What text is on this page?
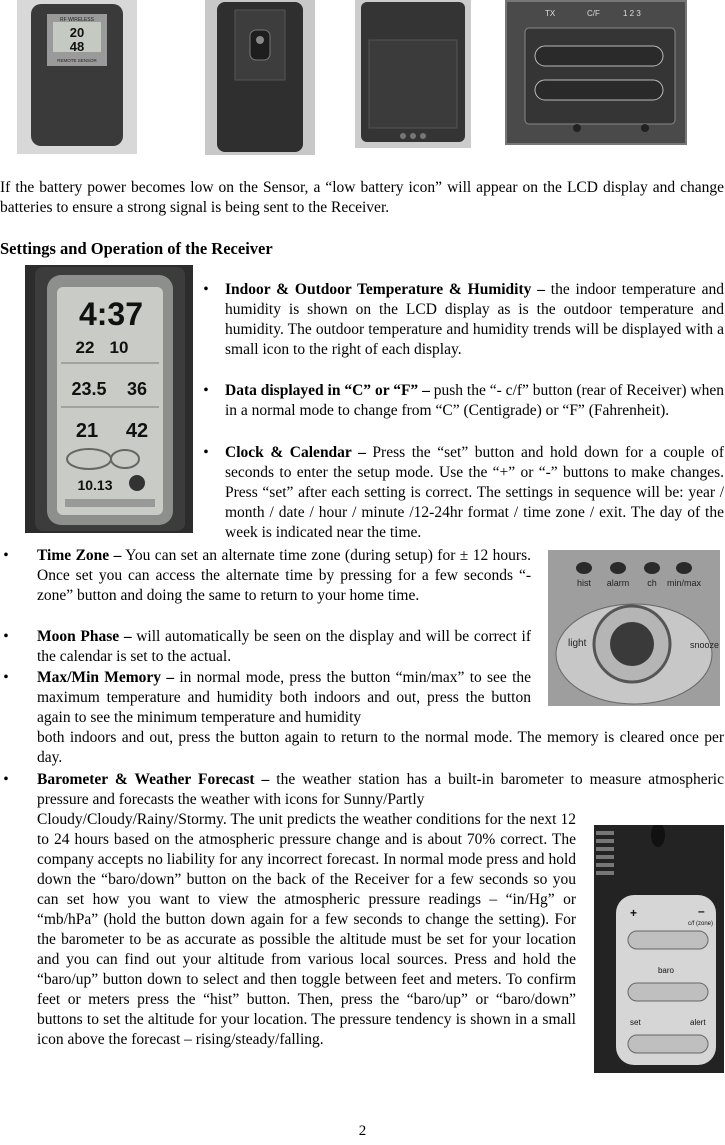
RF WIRELESS
20
48
REMOTE SENSOR
TX	C/F	1 2 3
If the battery power becomes low on the Sensor, a “low battery icon” will appear on the LCD display and change batteries to ensure a strong signal is being sent to the Receiver.
Settings and Operation of the Receiver
4:37
22 10
23.5 36
21 42
10.13
• Indoor & Outdoor Temperature & Humidity – the indoor temperature and humidity is shown on the LCD display as is the outdoor temperature and humidity. The outdoor temperature and humidity trends will be displayed with a small icon to the right of each display.
• Data displayed in “C” or “F” – push the “- c/f” button (rear of Receiver) when in a normal mode to change from “C” (Centigrade) or “F” (Fahrenheit).
• Clock & Calendar – Press the “set” button and hold down for a couple of seconds to enter the setup mode. Use the “+” or “-” buttons to make changes. Press “set” after each setting is correct. The settings in sequence will be: year / month / date / hour / minute /12-24hr format / time zone / exit. The day of the week is indicated near the time.
hist alarm ch min/max
light	snooze
• Time Zone – You can set an alternate time zone (during setup) for ± 12 hours. Once set you can access the alternate time by pressing for a few seconds “- zone” button and doing the same to return to your home time.
• Moon Phase – will automatically be seen on the display and will be correct if the calendar is set to the actual.
• Max/Min Memory – in normal mode, press the button “min/max” to see the maximum temperature and humidity both indoors and out, press the button again to see the minimum temperature and humidity
both indoors and out, press the button again to return to the normal mode. The memory is cleared once per day.
• Barometer & Weather Forecast – the weather station has a built-in barometer to measure atmospheric pressure and forecasts the weather with icons for Sunny/Partly
Cloudy/Cloudy/Rainy/Stormy. The unit predicts the weather conditions for the next 12 to 24 hours based on the atmospheric pressure change and is about 70% correct. The company accepts no liability for any incorrect forecast. In normal mode press and hold down the “baro/down” button on the back of the Receiver for a few seconds so you can set how you want to view the atmospheric pressure readings – “in/Hg” or “mb/hPa” (hold the button down again for a few seconds to change the setting). For the barometer to be as accurate as possible the altitude must be set for your location and you can find out your altitude from various local sources. Press and hold the “baro/up” button down to select and then toggle between feet and meters. To confirm feet or meters press the “hist” button. Then, press the “baro/up” or “baro/down” buttons to set the altitude for your location. The pressure tendency is shown in a small icon above the forecast – rising/steady/falling.
+	–
c/f (zone)
baro
set	alert
2
